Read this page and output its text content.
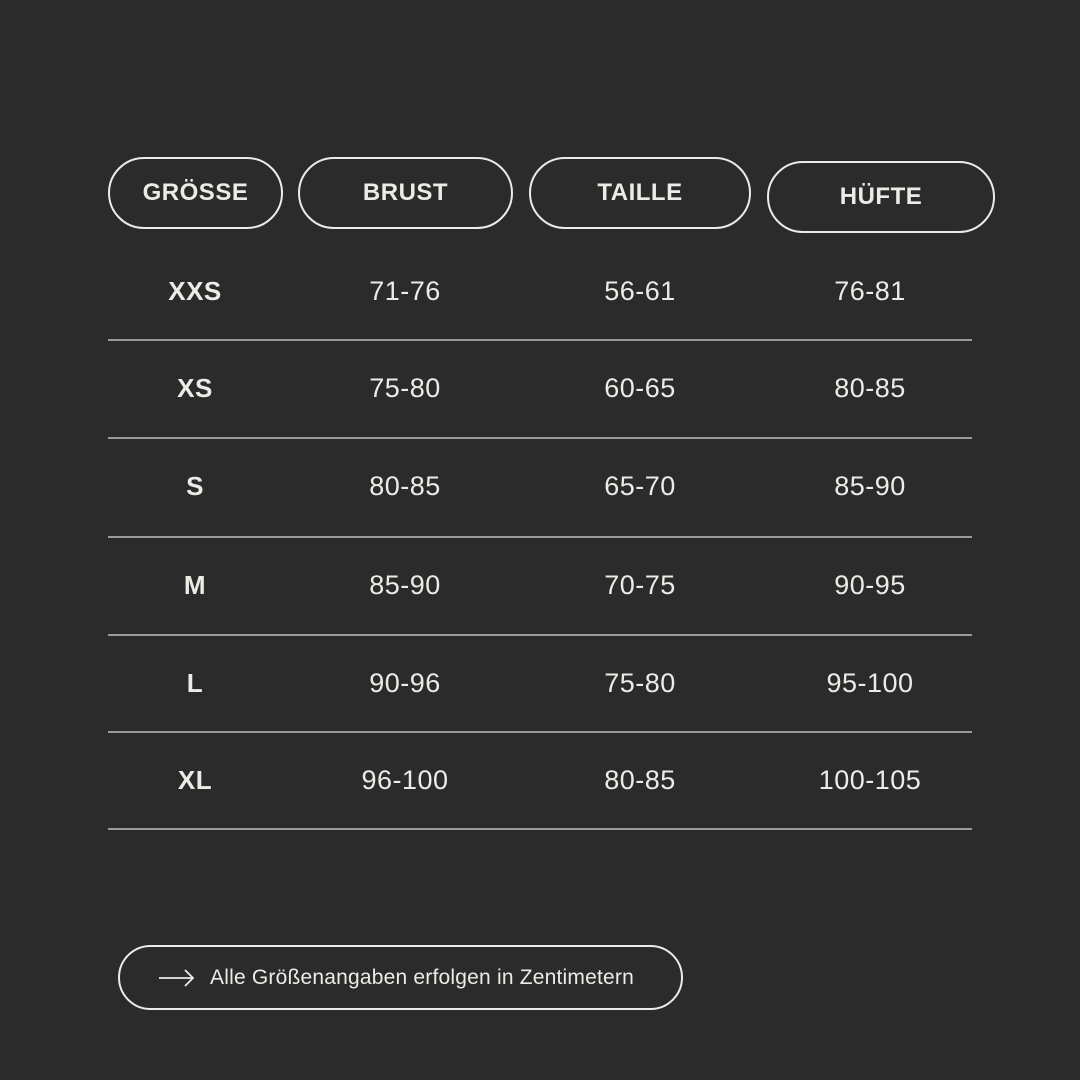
GRÖSSE	BRUST	TAILLE	HÜFTE
XXS	71-76	56-61	76-81
XS	75-80	60-65	80-85
S	80-85	65-70	85-90
M	85-90	70-75	90-95
L	90-96	75-80	95-100
XL	96-100	80-85	100-105
Alle Größenangaben erfolgen in Zentimetern
